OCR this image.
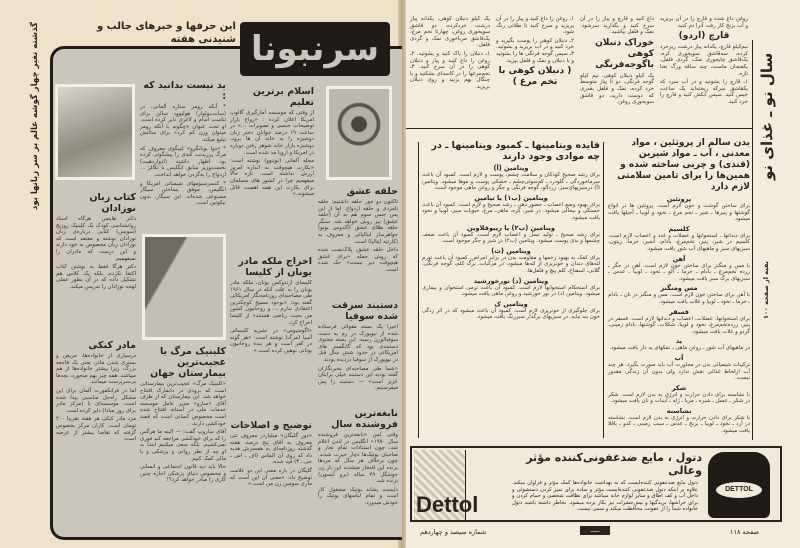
سرنبونا
این حرفها و خبرهای جالب و شنیدنی هفته
گذشته تغیر چهار گوشه عالم بر سر زبانها بود	بد نیست بدانید که :
* آنکه رومر ستاره آلمانی، در (سانت‌بولوار) هولیوود سالن برای تناسب اندام و لاغری دایر کرده است. او تحت عنوان «چگونه با آنکه رومر میتوان وزن کم کرد» برای سالنش تبلیغ میکند.
* «دوا یونانگرو» غیبگوی معروف که مرگ پرزیدنت کندی را پیشگوئی کرده بود اظهار داشته (ادواردهیت) نخست‌وزیر سابق انگلیس با تکالز ... ازدواج را به‌گردن خواهد انداخت.
* کنسرسیومهای شیمیائی امریکا و انگلیس، موفق بساختن سیگار مصنوعی شده‌اند. این سیگار، بدون نیکوتین است.
اسلام برترین تعلیم
از وقتی که موسسه آمارگیری گالوپ امریکا اعلان کرده : «رواج بازار توضیحات جنسی و تصویرات ...» در ساعت ۶۹ درصد جوانان دختر زنان دوشیزه را به خانه آن ها برود، دوشیزه بازار خانه شوهر رفتن دوباره در امریکا و اروپا مد شده است.
مجله آلمانی (نوینوو) نوشته است: «بکارت هیچوقت به اندازه امروز ارزش نداشته است. تازه حالا میفهمیم چرا در کشور های مسلمان برای بکارت این همه اهمیت قائل میشوند.»	حلقه عشق
تاکنون دو جور حلقه داشتیم: حلقه نامزدی و حلقه ازدواج. اما از این پس جنس سوم هم به آن (حلقه عشق) نیز روش خواهد شد. سنگر حلقه طلای عشق (آکدوس یونو) جواهرساز ایتالیائی و معروف به (کارتیه ایتالیا) است.
داخل حلقه عشق، پلاک‌نصب شده که روش جمله «برای عشق هیچوقت دیر نیست» حک شده است.
کتاب زبان نوزادان
دکتر هاینس هرگاه استاد روانشناسی کودک یک کلینیک روزیج (سویس) کتابی درباره‌ی زبان نوزادان نوشته و معتقد است که نوزادان زبان مخصوص به خود دارند و این درست که مادران را نمیفهمیم.
دکتر هرگا فقط به نوشتن کتاب اکتفا نکرده، بلکه یک کلاس هم تشکیل داده که در آن بطور عملی لهجه نوزادان را تدریس میکند.
اخراج ملکه مادر یونان از کلیسا
کلیسای ارتدوکس یونان، ملکه مادر یونان را به علت آنکه در سال ۱۹۶۱ طی مصاحبه‌ای روزنامه‌نگار امریکائی گفته بود: «بوجود مسیح کوچکترین اعتقادی ندارم ... و روحانیون کشور من بحیث ریاضی هستند» از کلیسا اخراج کرد.
«اگومنیوس» در نشریه کلیسائی آسیا (مرگ) نوشته است: «هر گونه در کفر است و هر بنده روحانیون یونانی توهین کرده است.»
کلینیک مرگ یا عجیب‌ترین بیمارستان جهان
«کلینیک مرگ» عجیب‌ترین بیمارستانی است که بزودی در دانمارک افتتاح خواهد شد. این بیمارستان که از طرف آقای «سارو» مدیر عامل موسسه خدمات ملی در آستانه افتتاح شده است مخصوص کسانی است که قصد خودکشی دارند.
آقای ساروپ گفت: — البته ما هرگس را که برای خودکشی مراجعه کند فوری نمی‌کشیم، بلکه سعی میکنیم ابتدا به او چه از نظر روانی و پزشکی و یا مالی کمک کنیم.
حالا باید دید قانون اجتماعی و انسانی و مخصوص دنیای پزشکی اجازه چنین کاری را صادر خواهد کرد؟!
مادر کنکی
درسیاری از خانواده‌ها، مریض و بستری شدن مادر، یعنی یک فاجعه بزرگ، زیرا بیشتر خانواده‌ها از هم میپاشد، همه چیز بهم میخورد، بچه‌ها بی‌سرپرست میمانند.
اما در فرانکفورت آلمان برای این مشکل راه‌حل مناسبی پیدا شده است. موسسه‌ای با (مرکز مادر برای روز مبادا) دایر کرده است.
مزد مادر کنکی هر هفته تقریبا ۴۰۰ تومان است. کاران مرکز بخصوص گرفته که تقاضا بیشتر از عرضه است.
دستبند سرقت شده سوفیا
اخیرا یک بسته مقوائی فرستاده شده از نیویورک در رم به دست سوفیالورن رسید. این بسته محتوی دستبندی بود که گانگستر های امریکائی در حدود شش سال قبل در نیویورک از سوفیا دزدیده بودند.
«شما طی مصاحبه‌ای بخبرنگاران گفته بودید این دستبند خیلی برایتان عزیز است» — دستبند را پس میفرستیم.
نابغه‌ترین فروشنده سال
وقتی لس «نابغه‌ترین فروشنده سال ۱۹۷۰» انگلیس در لندن اعلام شد، چون استنادات تمام تجار و صاحبان بوتیک‌ها دچار حیرت شدند. چون برخلاف هر سال که مردها برنده این افتخار میشدند این بار زن خوشگل ۲۹ ساله (برو آیسون) برنده شد.
دلیست پشاند بوتیک مشغول کار است و تمام لباسهای بوتیک را خودش میدوزد.
توضیح و اصلاحات
«دور گلیگان» میلیاردر معروف تنی معروف به آقای پنج درصد، هفته گذشته روزنامه‌ای به همسرش هدیه داد که روی آن الماس (اف ـ اس ـ جی ـ ۳) قید شده.
گلیگان در باره معنی این دو علامت توضیح داد: «معنی آن این است که ماری سومین زن من است.»
یک کیلو دنبلان کوهی، یکدانه پیاز درشت خردکرده، دو قاشق سوپخوری روغن، چهارتا تخم مرغ، یک‌قاشق مرباخوری نمک و گردی فلفل.
۱ـ دنبلان را پاک کنید و بشوئید. ۲ـ روغن را داغ کنید و پیاز و دنبلان کوهی را در آن سرخ کنید. ۳ـ تخم‌مرغها را در کاسه‌ای بشکنید و با چنگال بهم بزنید و روی دنبلان بریزید.
۱ـ روغن را داغ کنید و پیاز را در آن بریزید و سرخ کنید تا طلائی رنگ شود.
۲ـ دنبلان کوهی را پوست بگیرید و خرد کنید و در آب بریزید و بشوئید. ۳ـ سپس گوجه فرنگی ها را بشوئید و با دنبلان و نمک و فلفل بپزید.
( دنبلان کوهی با تخم مرغ )
داغ کنید و قارچ و پیاز را در آن سرخ کنید و بگذارید سرشود. نمک و فلفل بپاشید.
خوراک دنبلان کوهی باگوجه‌فرنگی
یک کیلو دنبلان کوهی، نیم کیلو گوجه فرنگی، دو تا پیاز متوسط خرد کرده، نمک و فلفل بقدری که دوست دارید، دو قاشق سوپخوری روغن.
روغن داغ شده و قارچ را در آن بریزید و آب برنج کار رفت آنرا دم کنید.
قارچ (اردو)
نیم‌کیلو قارچ، یکدانه پیاز درشت ریزخرد کرده، سه‌قاشق سوپخوری کره، یک‌قاشق چایخوری نمک، گردی فلفل، یکفنجان ماست، چند ساقه ورگ نعنا تازه.
۱ـ قارچ را بشوئید و در آب سرد که یکقاشق سرکه ریخته‌اید یک ساعت خیس کنید. سپس آبکش کنید و قارچ را خرد کنید. سال نو ـ غذای نو
بقیه از صفحه ۱۰۰
فایده ویتامینها ـ کمبود ویتامینها ـ در چه موادی وجود دارند
ویتامین (آ)
برای رشد صحیح کودکان و سلامت چشم، پوست و لازم است. کمبود آن باعث سرماخوردگی ـ گلودرد ـ کم‌سوئی‌چشم ـ خشکی پوست و موها میشود. ویتامین (آ) درسبزیهای‌سبز، زردآلو، گوجه فرنگی و جگر و روغن ماهی موجود است.
ویتامین (ب۱) یا تیامین
برای بهبود وضع اعصاب ـ حضور ذهن ـ رشد صحیح و لازم است. کمبود آن باعث خستگی و بیحالی میشود. در شیر، کره، ماهی، مرغ، حبوبات سبز، لوبیا و نخود یافت میشود.
ویتامین (ب۲) یا ریبوفلاوین
برای رشد صحیح ـ تولید نسل و اعصاب لازم است. کمبود آن باعث ضعف چشمها و بدی پوست میشود. ویتامین (ب۲) در شیر و جگر موجود است.
ویتامین (ث)
برای کمک به بهبود زخمها و مقاومت بدن در برابر امراض. کمبود آن باعث تورم لثه‌های دندان و خونریزی از لثه‌ها میشود. در مرکبات، برگ کلم، گوجه فرنگی، گلابی، اسفناج، کلم پیچ و فلفل‌ها.
ویتامین (د) نورخورشید
برای استحکام استخوانها لازم است. کمبود آن باعث نرمی استخوان و بیماری میشود. ویتامین (د) در نور خورشید و روغن ماهی یافت میشود.
ویتامین ک
برای جلوگیری از خونریزی لازم است. کمبود آن باعث میشود که در اثر زدگی خون بند نیاید. در سبزیهای برگدار سبزرنگ یافت میشود.
بدن سالم از پروتئین ، مواد معدنی ، آب ـ مواد شیرین (قندی) و چربی ساخته شده و همین‌ها را برای تامین سلامتی لازم دارد
پروتئین
برای ساختن گوشت و خون لازم است. پروتئین ها در انواع گوشتها و پنیرها ـ شیر ـ تخم مرغ ـ نخود و لوبیا ـ آجیلها یافت میشود.
کلسیم
برای دندانها ـ استخوانها و عضلات و غدد و اعصاب لازم است. کلسیم در شیر، پنیر، تخم‌مرغ، بادام، انجیر، خرما، زیتون، سبزیهای سبز و ماهیهای آب شور یافت میشود.
آهن
با مس و منگنز برای ساختن خون لازم است. آهن در جگر ـ زرده تخم‌مرغ ـ بادام ـ خرما ـ آلو ـ نخود ـ لوبیا ـ عدس ـ سبزیهای برگ سبز یافت میشود.
مس ومنگنز
با آهن برای ساختن خون لازم است. مس و منگنز در نان ـ بادام ـ خرما ـ نخود ـ لوبیا و غلات یافت میشود.
فسفر
برای استخوانها، عضلات، اعصاب و دندانها لازم است. فسفر در پنیر، زرده‌تخم‌مرغ، نخود و لوبیا، شکلات، گوشتها، بادام زمینی، گردو و غلات یافت میشود.
ید
در ماهیهای آب شور ـ روغن ماهی ـ نمکهای ید دار یافت میشود.
آب
ترکیبات شیمیائی بدن در مجاورت آب باید صورت بگیرد. هر چند آب ازلحاظ غذائی نقش ندارد ولی بدون آن زندگی مقدور نیست.
شکر
با نشاسته برای دادن حرارت و انرژی به بدن لازم است. شکر در شکر ـ عسل ـ شیره ـ مربا ـ ژله ـ آبنبات و نان یافت میشود.
نشاسته
با شکر برای دادن حرارت و انرژی به بدن لازم است. نشاسته در آرد ـ نخود ـ لوبیا ـ برنج ـ عدس ـ سیب زمینی ـ کدو ـ باقلا یافت میشود.
Dettol
دتول ، مایع ضدعفونی‌کننده مؤثر وعالی
دتول مایع ضدعفونی کننده‌ایست که به بهداشت خانواده‌ها کمک مؤثر و فراوان میکند. علاوه بر اینکه دتول ضدعفونی کننده‌ایست مؤثر و ساده برای تمیز کردن دستشوئی و داخل آب و کف اطاق و سایر لوازم خانه میباشد برای نظافت شخصی و حمام کردن و برای خراشها، بریدگیها و نیش‌حشرات نیز بکار برده میشود. بخاطر داشته باشید دتول خانواده شما را از عفونت محافظت میکند و سمی نیست.
DETTOL
شماره سیصد و چهاردهم	ـــــ	صفحه ۱۱۸
